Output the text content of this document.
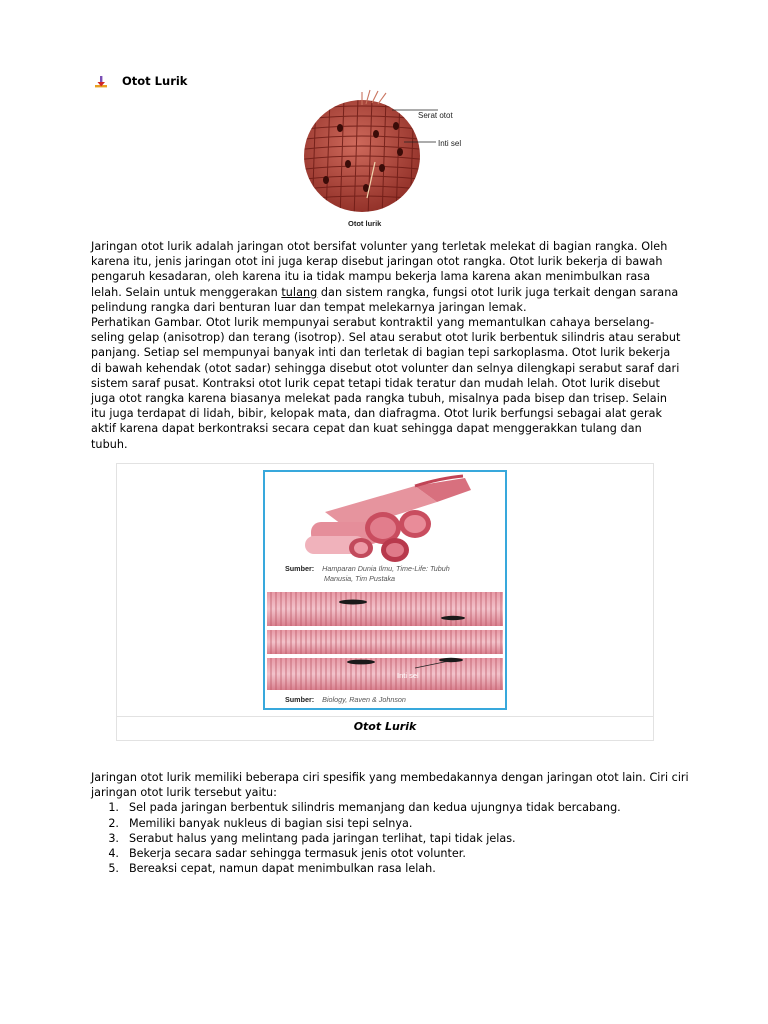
Otot Lurik
Serat otot
Inti sel
Otot lurik

Jaringan otot lurik adalah jaringan otot bersifat volunter yang terletak melekat di bagian rangka. Oleh karena itu, jenis jaringan otot ini juga kerap disebut jaringan otot rangka. Otot lurik bekerja di bawah pengaruh kesadaran, oleh karena itu ia tidak mampu bekerja lama karena akan menimbulkan rasa lelah. Selain untuk menggerakan tulang dan sistem rangka, fungsi otot lurik juga terkait dengan sarana pelindung rangka dari benturan luar dan tempat melekarnya jaringan lemak.

Perhatikan Gambar. Otot lurik mempunyai serabut kontraktil yang memantulkan cahaya berselang-seling gelap (anisotrop) dan terang (isotrop). Sel atau serabut otot lurik berbentuk silindris atau serabut panjang. Setiap sel mempunyai banyak inti dan terletak di bagian tepi sarkoplasma. Otot lurik bekerja di bawah kehendak (otot sadar) sehingga disebut otot volunter dan selnya dilengkapi serabut saraf dari sistem saraf pusat. Kontraksi otot lurik cepat tetapi tidak teratur dan mudah lelah. Otot lurik disebut juga otot rangka karena biasanya melekat pada rangka tubuh, misalnya pada bisep dan trisep. Selain itu juga terdapat di lidah, bibir, kelopak mata, dan diafragma. Otot lurik berfungsi sebagai alat gerak aktif karena dapat berkontraksi secara cepat dan kuat sehingga dapat menggerakkan tulang dan tubuh.

Sumber: Hamparan Dunia Ilmu, Time-Life: Tubuh
Manusia, Tim Pustaka
Inti sel
Sumber: Biology, Raven & Johnson
Otot Lurik

Jaringan otot lurik memiliki beberapa ciri spesifik yang membedakannya dengan jaringan otot lain. Ciri ciri jaringan otot lurik tersebut yaitu:

1. Sel pada jaringan berbentuk silindris memanjang dan kedua ujungnya tidak bercabang.
2. Memiliki banyak nukleus di bagian sisi tepi selnya.
3. Serabut halus yang melintang pada jaringan terlihat, tapi tidak jelas.
4. Bekerja secara sadar sehingga termasuk jenis otot volunter.
5. Bereaksi cepat, namun dapat menimbulkan rasa lelah.
